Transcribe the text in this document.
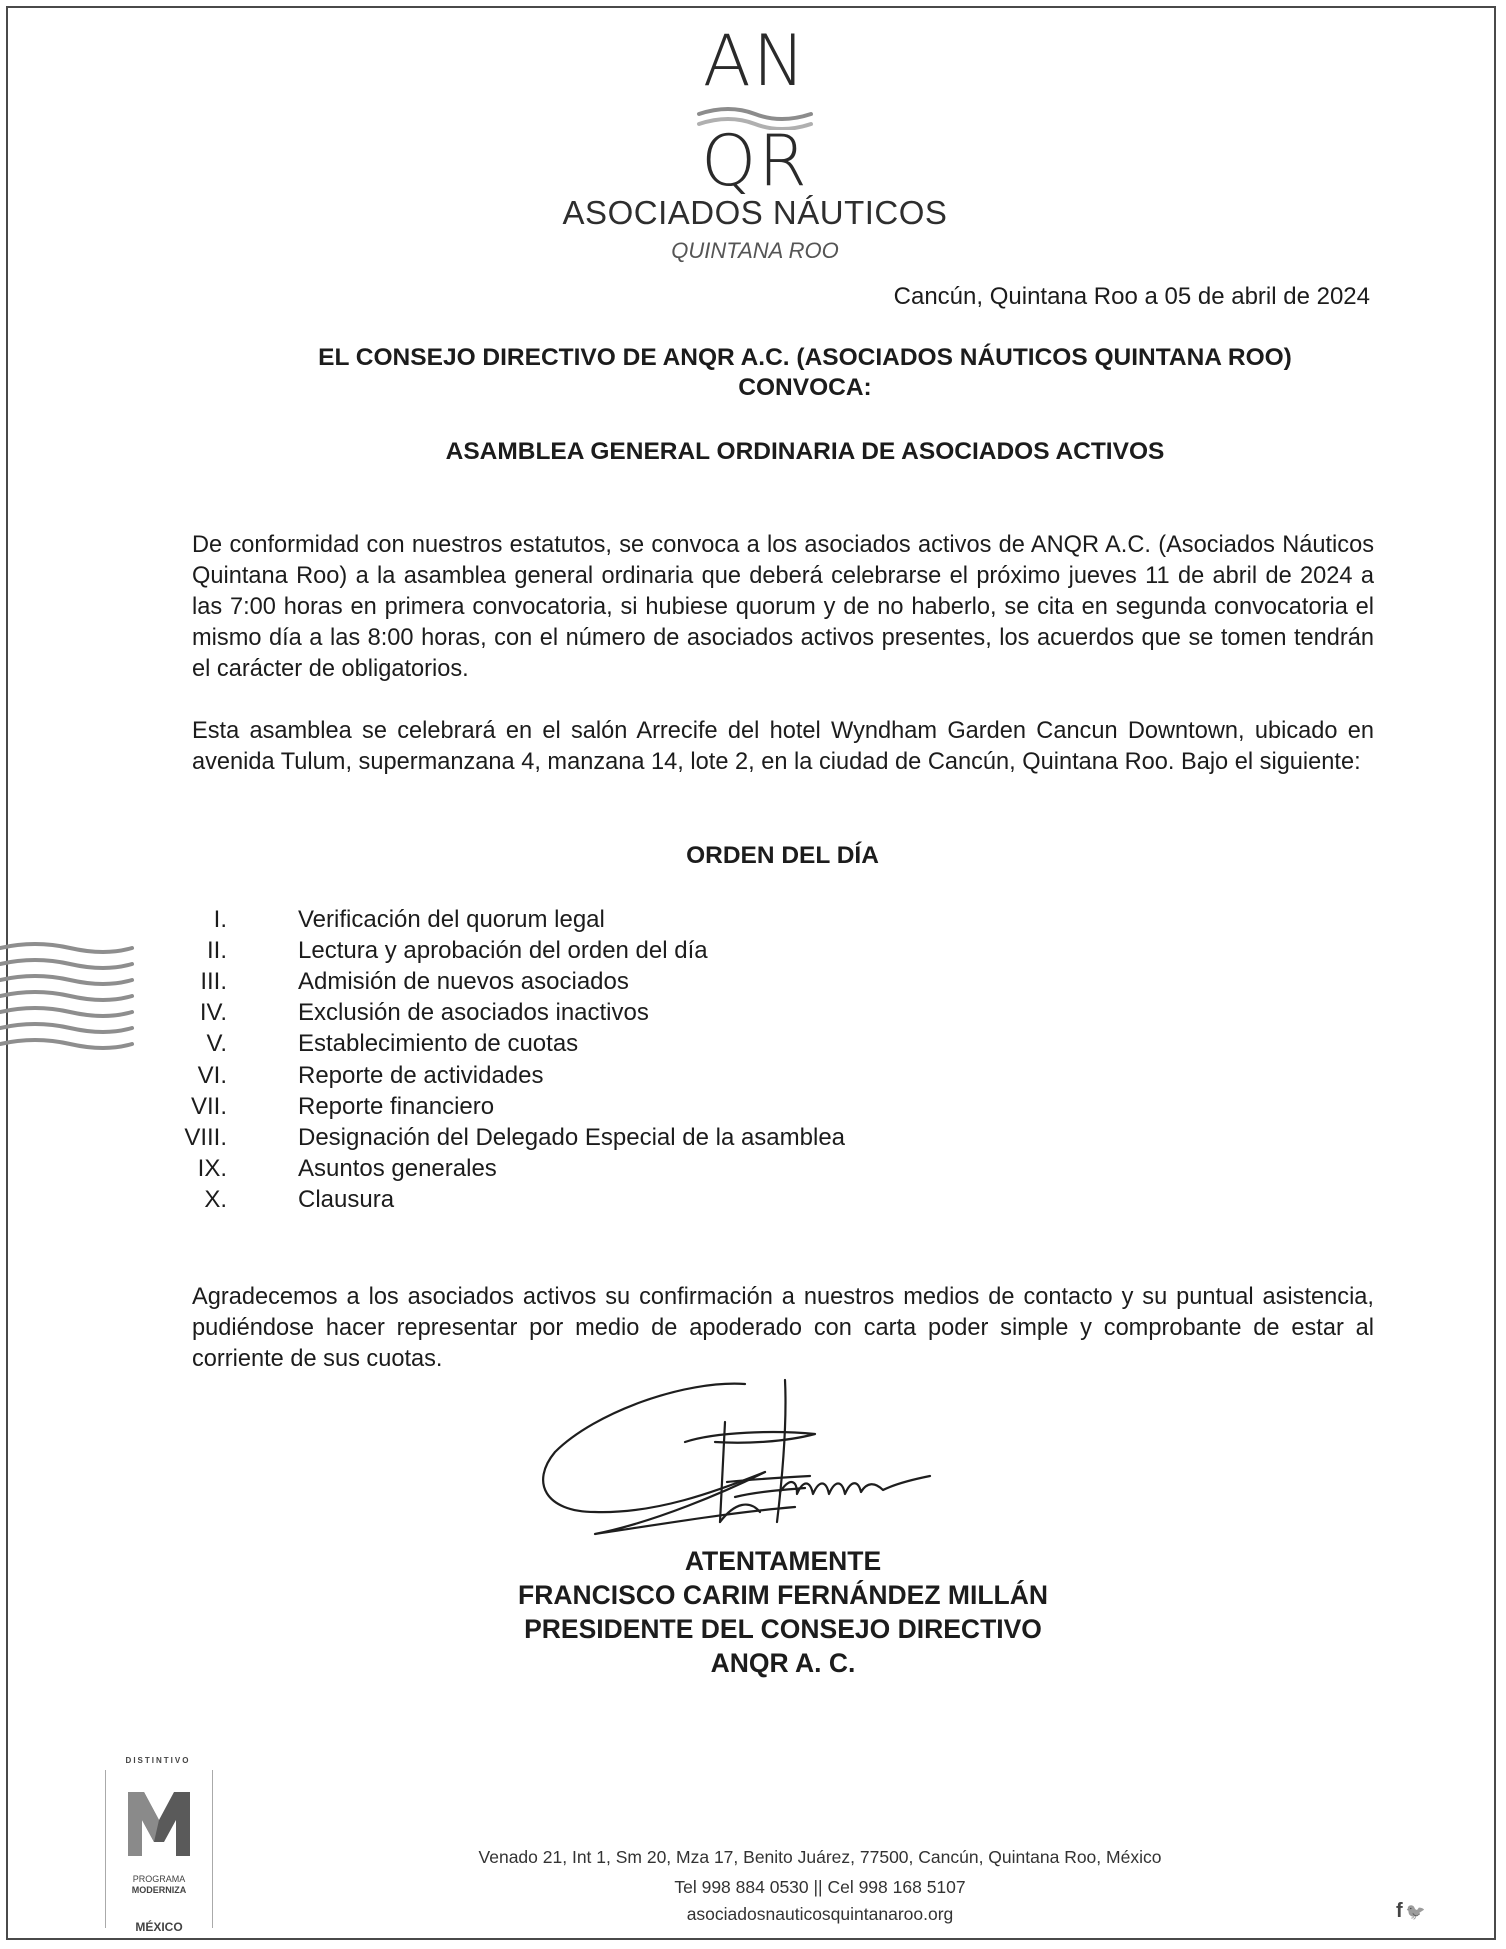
AN
QR
ASOCIADOS NÁUTICOS
QUINTANA ROO
Cancún, Quintana Roo a 05 de abril de 2024
EL CONSEJO DIRECTIVO DE ANQR A.C. (ASOCIADOS NÁUTICOS QUINTANA ROO)
CONVOCA:
ASAMBLEA GENERAL ORDINARIA DE ASOCIADOS ACTIVOS
De conformidad con nuestros estatutos, se convoca a los asociados activos de ANQR A.C. (Asociados Náuticos Quintana Roo) a la asamblea general ordinaria que deberá celebrarse el próximo jueves 11 de abril de 2024 a las 7:00 horas en primera convocatoria, si hubiese quorum y de no haberlo, se cita en segunda convocatoria el mismo día a las 8:00 horas, con el número de asociados activos presentes, los acuerdos que se tomen tendrán el carácter de obligatorios.
Esta asamblea se celebrará en el salón Arrecife del hotel Wyndham Garden Cancun Downtown, ubicado en avenida Tulum, supermanzana 4, manzana 14, lote 2, en la ciudad de Cancún, Quintana Roo. Bajo el siguiente:
ORDEN DEL DÍA
I.	Verificación del quorum legal
II.	Lectura y aprobación del orden del día
III.	Admisión de nuevos asociados
IV.	Exclusión de asociados inactivos
V.	Establecimiento de cuotas
VI.	Reporte de actividades
VII.	Reporte financiero
VIII.	Designación del Delegado Especial de la asamblea
IX.	Asuntos generales
X.	Clausura
Agradecemos a los asociados activos su confirmación a nuestros medios de contacto y su puntual asistencia, pudiéndose hacer representar por medio de apoderado con carta poder simple y comprobante de estar al corriente de sus cuotas.
ATENTAMENTE
FRANCISCO CARIM FERNÁNDEZ MILLÁN
PRESIDENTE DEL CONSEJO DIRECTIVO
ANQR A. C.
DISTINTIVO
PROGRAMA
MODERNIZA
MÉXICO
Venado 21, Int 1, Sm 20, Mza 17, Benito Juárez, 77500, Cancún, Quintana Roo, México
Tel 998 884 0530 || Cel 998 168 5107
asociadosnauticosquintanaroo.org	f 🐦
